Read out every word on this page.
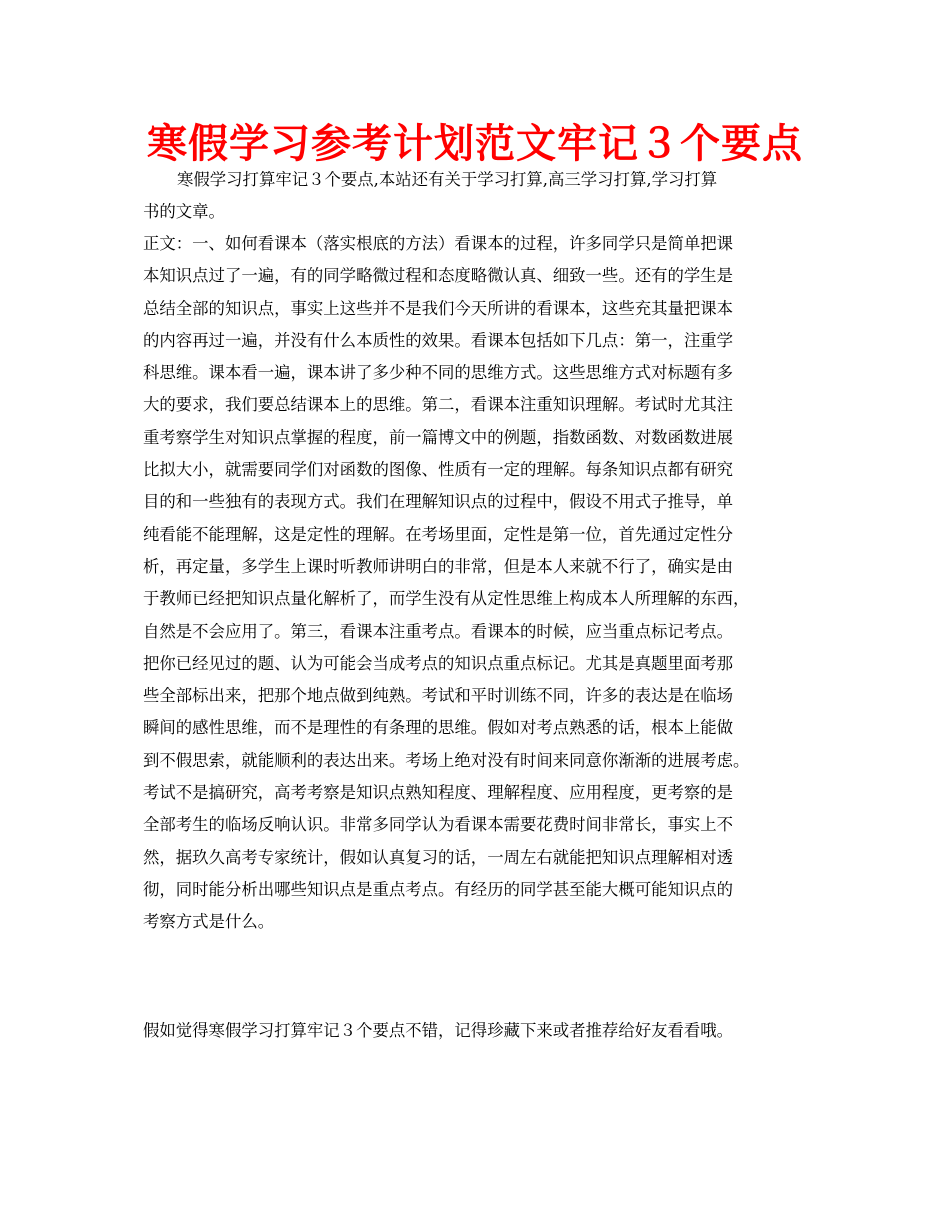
寒假学习参考计划范文牢记３个要点
寒假学习打算牢记３个要点,本站还有关于学习打算,高三学习打算,学习打算
书的文章。
正文：一、如何看课本（落实根底的方法）看课本的过程，许多同学只是简单把课
本知识点过了一遍，有的同学略微过程和态度略微认真、细致一些。还有的学生是
总结全部的知识点，事实上这些并不是我们今天所讲的看课本，这些充其量把课本
的内容再过一遍，并没有什么本质性的效果。看课本包括如下几点：第一，注重学
科思维。课本看一遍，课本讲了多少种不同的思维方式。这些思维方式对标题有多
大的要求，我们要总结课本上的思维。第二，看课本注重知识理解。考试时尤其注
重考察学生对知识点掌握的程度，前一篇博文中的例题，指数函数、对数函数进展
比拟大小，就需要同学们对函数的图像、性质有一定的理解。每条知识点都有研究
目的和一些独有的表现方式。我们在理解知识点的过程中，假设不用式子推导，单
纯看能不能理解，这是定性的理解。在考场里面，定性是第一位，首先通过定性分
析，再定量，多学生上课时听教师讲明白的非常，但是本人来就不行了，确实是由
于教师已经把知识点量化解析了，而学生没有从定性思维上构成本人所理解的东西，
自然是不会应用了。第三，看课本注重考点。看课本的时候，应当重点标记考点。
把你已经见过的题、认为可能会当成考点的知识点重点标记。尤其是真题里面考那
些全部标出来，把那个地点做到纯熟。考试和平时训练不同，许多的表达是在临场
瞬间的感性思维，而不是理性的有条理的思维。假如对考点熟悉的话，根本上能做
到不假思索，就能顺利的表达出来。考场上绝对没有时间来同意你渐渐的进展考虑。
考试不是搞研究，高考考察是知识点熟知程度、理解程度、应用程度，更考察的是
全部考生的临场反响认识。非常多同学认为看课本需要花费时间非常长，事实上不
然，据玖久高考专家统计，假如认真复习的话，一周左右就能把知识点理解相对透
彻，同时能分析出哪些知识点是重点考点。有经历的同学甚至能大概可能知识点的
考察方式是什么。
假如觉得寒假学习打算牢记３个要点不错，记得珍藏下来或者推荐给好友看看哦。
